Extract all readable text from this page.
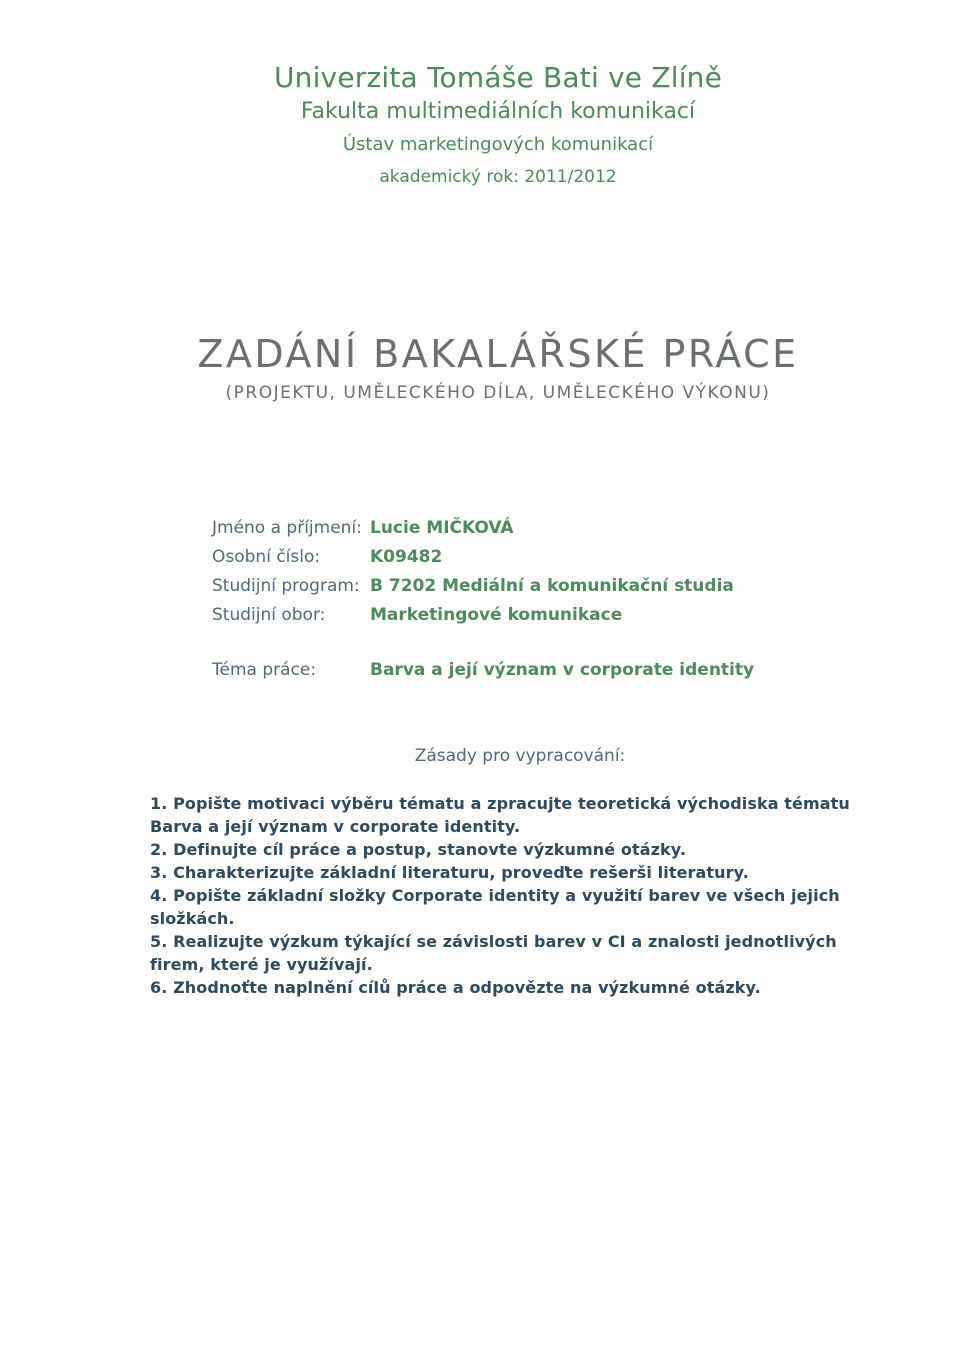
Univerzita Tomáše Bati ve Zlíně
Fakulta multimediálních komunikací
Ústav marketingových komunikací
akademický rok: 2011/2012
ZADÁNÍ BAKALÁŘSKÉ PRÁCE
(PROJEKTU, UMĚLECKÉHO DÍLA, UMĚLECKÉHO VÝKONU)
Jméno a příjmení: Lucie MIČKOVÁ
Osobní číslo:	K09482
Studijní program: B 7202 Mediální a komunikační studia
Studijní obor:	Marketingové komunikace
Téma práce:	Barva a její význam v corporate identity
Zásady pro vypracování:
1. Popište motivaci výběru tématu a zpracujte teoretická východiska tématu Barva a její význam v corporate identity.
2. Definujte cíl práce a postup, stanovte výzkumné otázky.
3. Charakterizujte základní literaturu, proveďte rešerši literatury.
4. Popište základní složky Corporate identity a využití barev ve všech jejich složkách.
5. Realizujte výzkum týkající se závislosti barev v CI a znalosti jednotlivých firem, které je využívají.
6. Zhodnoťte naplnění cílů práce a odpovězte na výzkumné otázky.
